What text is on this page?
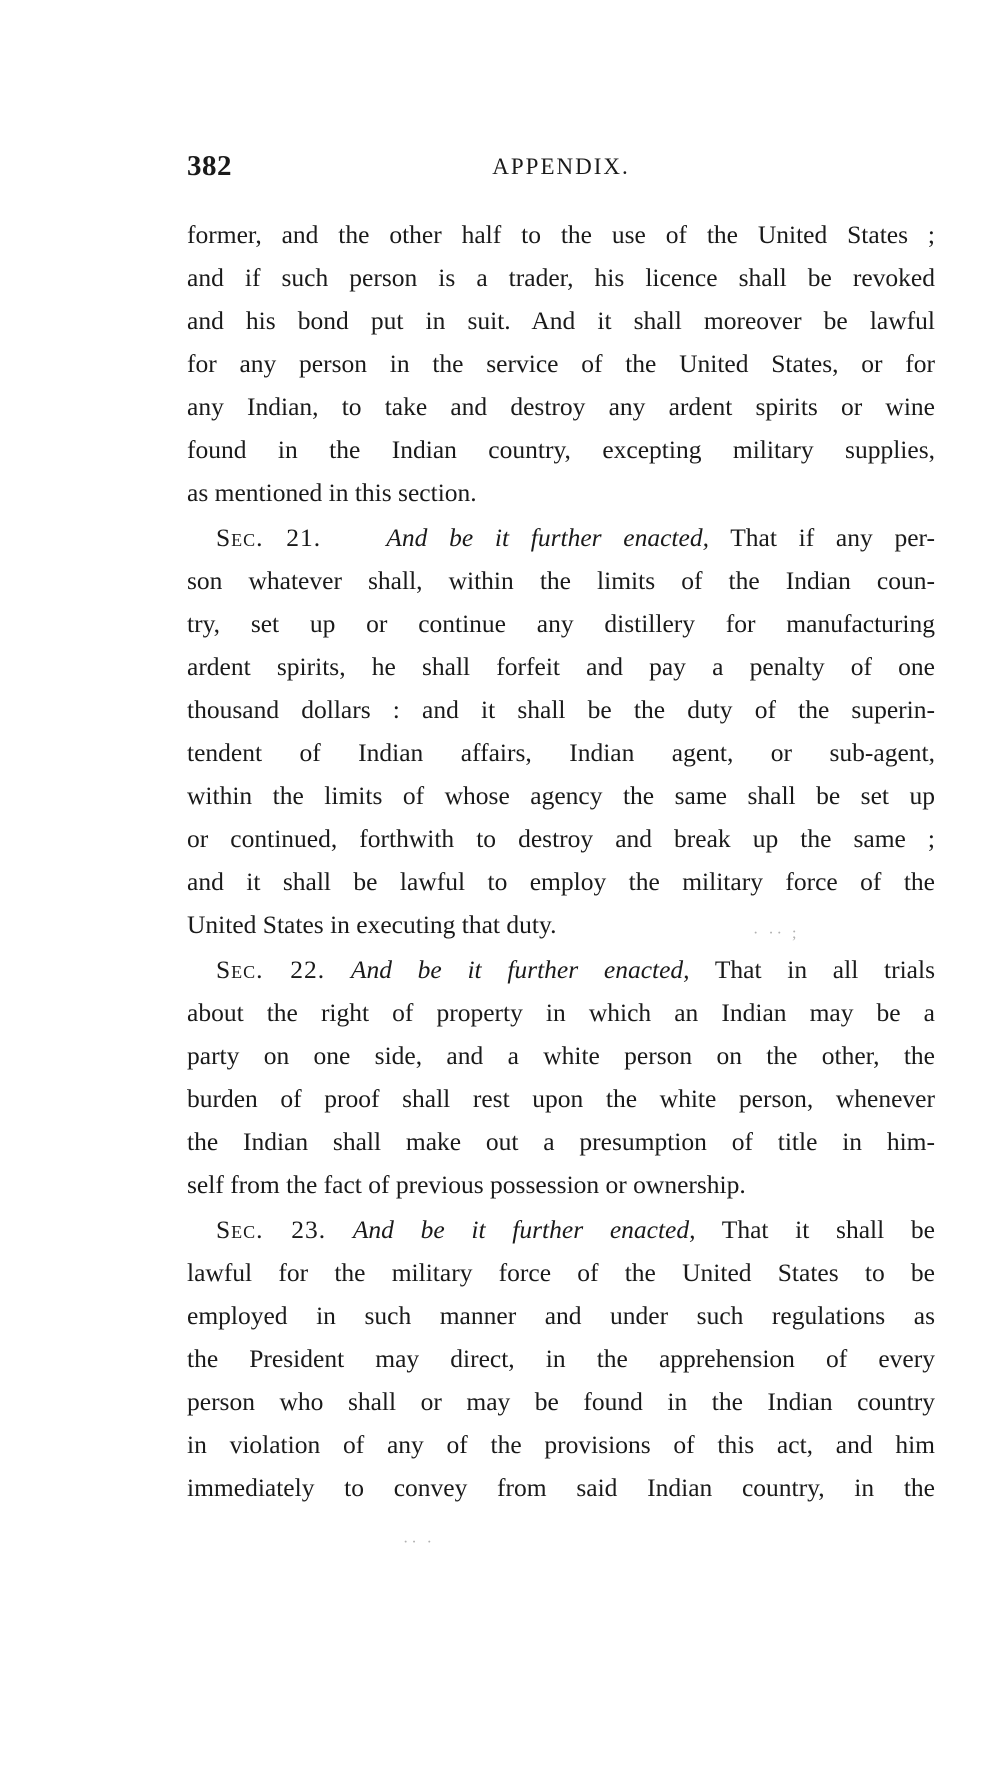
382	APPENDIX.
former, and the other half to the use of the United States ;
and if such person is a trader, his licence shall be revoked
and his bond put in suit. And it shall moreover be lawful
for any person in the service of the United States, or for
any Indian, to take and destroy any ardent spirits or wine
found in the Indian country, excepting military supplies,
as mentioned in this section.
Sec. 21.	And be it further enacted, That if any per-
son whatever shall, within the limits of the Indian coun-
try, set up or continue any distillery for manufacturing
ardent spirits, he shall forfeit and pay a penalty of one
thousand dollars : and it shall be the duty of the superin-
tendent of Indian affairs, Indian agent, or sub-agent,
within the limits of whose agency the same shall be set up
or continued, forthwith to destroy and break up the same ;
and it shall be lawful to employ the military force of the
United States in executing that duty.
Sec. 22. And be it further enacted, That in all trials
about the right of property in which an Indian may be a
party on one side, and a white person on the other, the
burden of proof shall rest upon the white person, whenever
the Indian shall make out a presumption of title in him-
self from the fact of previous possession or ownership.
Sec. 23. And be it further enacted, That it shall be
lawful for the military force of the United States to be
employed in such manner and under such regulations as
the President may direct, in the apprehension of every
person who shall or may be found in the Indian country
in violation of any of the provisions of this act, and him
immediately to convey from said Indian country, in the
· ·· ;
·· ·
